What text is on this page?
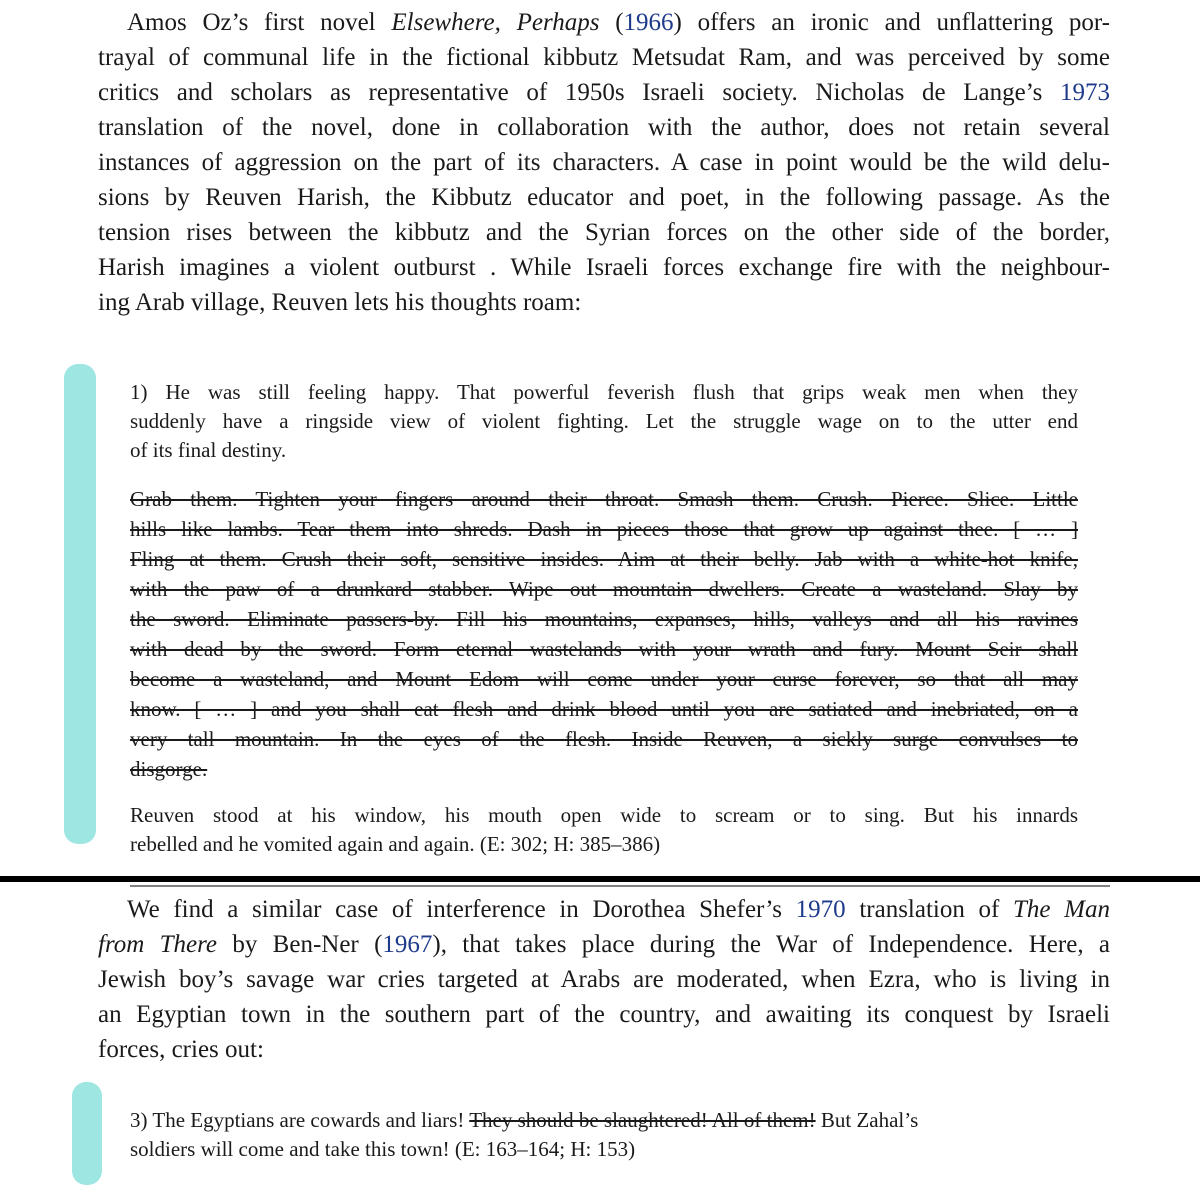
Amos Oz’s first novel Elsewhere, Perhaps (1966) offers an ironic and unflattering por-
trayal of communal life in the fictional kibbutz Metsudat Ram, and was perceived by some
critics and scholars as representative of 1950s Israeli society. Nicholas de Lange’s 1973
translation of the novel, done in collaboration with the author, does not retain several
instances of aggression on the part of its characters. A case in point would be the wild delu-
sions by Reuven Harish, the Kibbutz educator and poet, in the following passage. As the
tension rises between the kibbutz and the Syrian forces on the other side of the border,
Harish imagines a violent outburst . While Israeli forces exchange fire with the neighbour-
ing Arab village, Reuven lets his thoughts roam:
1) He was still feeling happy. That powerful feverish flush that grips weak men when they
suddenly have a ringside view of violent fighting. Let the struggle wage on to the utter end
of its final destiny.
Grab them. Tighten your fingers around their throat. Smash them. Crush. Pierce. Slice. Little
hills like lambs. Tear them into shreds. Dash in pieces those that grow up against thee. [ … ]
Fling at them. Crush their soft, sensitive insides. Aim at their belly. Jab with a white-hot knife,
with the paw of a drunkard stabber. Wipe out mountain dwellers. Create a wasteland. Slay by
the sword. Eliminate passers-by. Fill his mountains, expanses, hills, valleys and all his ravines
with dead by the sword. Form eternal wastelands with your wrath and fury. Mount Seir shall
become a wasteland, and Mount Edom will come under your curse forever, so that all may
know. [ … ] and you shall eat flesh and drink blood until you are satiated and inebriated, on a
very tall mountain. In the eyes of the flesh. Inside Reuven, a sickly surge convulses to
disgorge.
Reuven stood at his window, his mouth open wide to scream or to sing. But his innards
rebelled and he vomited again and again. (E: 302; H: 385–386)
We find a similar case of interference in Dorothea Shefer’s 1970 translation of The Man
from There by Ben-Ner (1967), that takes place during the War of Independence. Here, a
Jewish boy’s savage war cries targeted at Arabs are moderated, when Ezra, who is living in
an Egyptian town in the southern part of the country, and awaiting its conquest by Israeli
forces, cries out:
3) The Egyptians are cowards and liars! They should be slaughtered! All of them! But Zahal’s
soldiers will come and take this town! (E: 163–164; H: 153)
